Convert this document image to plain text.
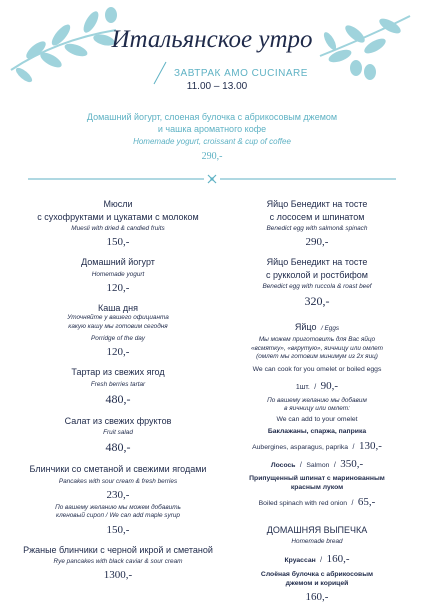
Итальянское утро
ЗАВТРАК AMO CUCINARE
11.00 – 13.00
Домашний йогурт, слоеная булочка с абрикосовым джемом
и чашка ароматного кофе
Homemade yogurt, croissant & cup of coffee
290,-
Мюсли
с сухофруктами и цукатами с молоком
Muesli with dried & candied fruits
150,-
Домашний йогурт
Homemade yogurt
120,-
Каша дня
Уточняйте у вашего официанта
какую кашу мы готовим сегодня
Porridge of the day
120,-
Тартар из свежих ягод
Fresh berries tartar
480,-
Салат из свежих фруктов
Fruit salad
480,-
Блинчики со сметаной и свежими ягодами
Pancakes with sour cream & fresh berries
230,-
По вашему желанию мы можем добавить
кленовый сироп / We can add maple syrup
150,-
Ржаные блинчики с черной икрой и сметаной
Rye pancakes with black caviar & sour cream
1300,-
Яйцо Бенедикт на тосте
с лососем и шпинатом
Benedict egg with salmon& spinach
290,-
Яйцо Бенедикт на тосте
с рукколой и ростбифом
Benedict egg with ruccola & roast beef
320,-
Яйцо / Eggs
Мы можем приготовить для Вас яйцо
«всмятку», «вкрутую», яичницу или омлет
(омлет мы готовим минимум из 2х яиц)
We can cook for you omelet or boiled eggs
1шт. / 90,-
По вашему желанию мы добавим
в яичницу или омлет:
We can add to your omelet
Баклажаны, спаржа, паприка
Aubergines, asparagus, paprika / 130,-
Лосось / Salmon / 350,-
Припущенный шпинат с маринованным
красным луком
Boiled spinach with red onion / 65,-
ДОМАШНЯЯ ВЫПЕЧКА
Homemade bread
Круассан / 160,-
Слоёная булочка с абрикосовым
джемом и корицей
160,-
